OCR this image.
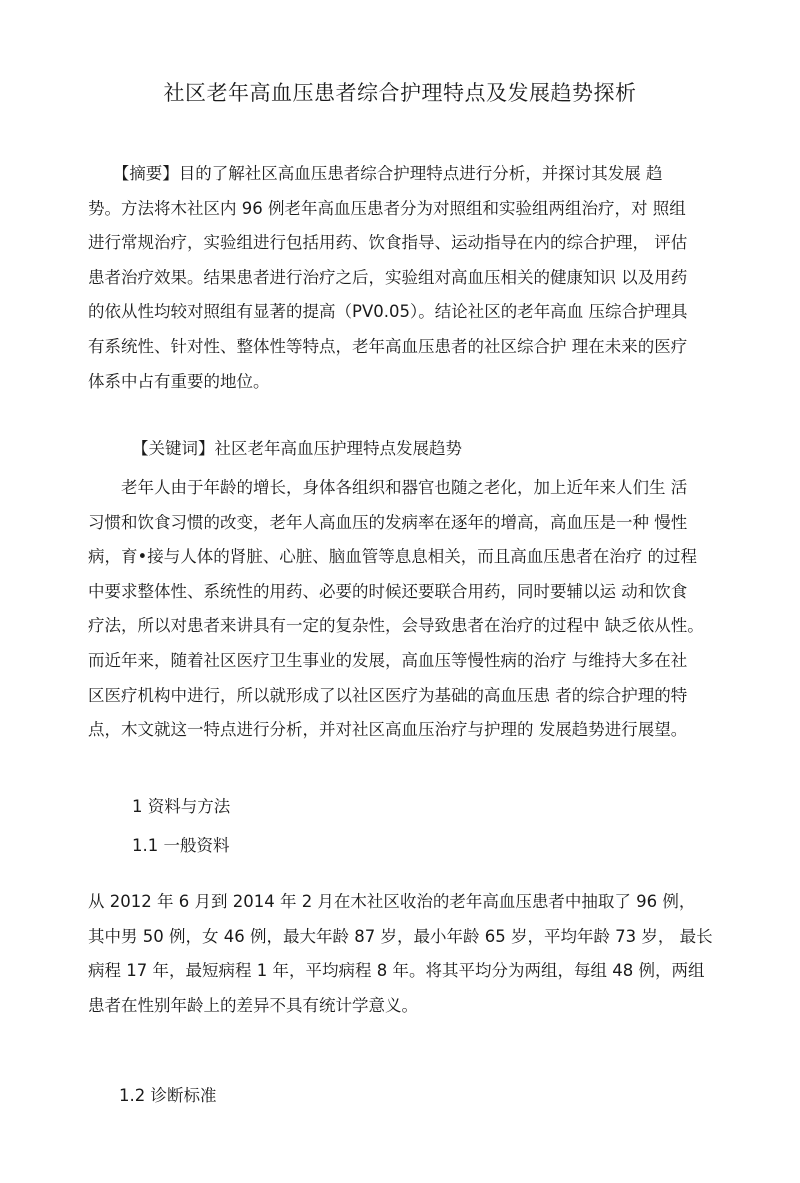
社区老年高血压患者综合护理特点及发展趋势探析
　　【摘要】目的了解社区高血压患者综合护理特点进行分析，并探讨其发展 趋
势。方法将木社区内 96 例老年高血压患者分为对照组和实验组两组治疗，对 照组
进行常规治疗，实验组进行包括用药、饮食指导、运动指导在内的综合护理， 评估
患者治疗效果。结果患者进行治疗之后，实验组对高血压相关的健康知识 以及用药
的依从性均较对照组有显著的提高（PV0.05）。结论社区的老年高血 压综合护理具
有系统性、针对性、整体性等特点，老年高血压患者的社区综合护 理在未来的医疗
体系中占有重要的地位。
【关键词】社区老年高血压护理特点发展趋势
　　老年人由于年龄的增长，身体各组织和器官也随之老化，加上近年来人们生 活
习惯和饮食习惯的改变，老年人高血压的发病率在逐年的增高，高血压是一种 慢性
病，育•接与人体的肾脏、心脏、脑血管等息息相关，而且高血压患者在治疗 的过程
中要求整体性、系统性的用药、必要的时候还要联合用药，同时要辅以运 动和饮食
疗法，所以对患者来讲具有一定的复杂性，会导致患者在治疗的过程中 缺乏依从性。
而近年来，随着社区医疗卫生事业的发展，高血压等慢性病的治疗 与维持大多在社
区医疗机构中进行，所以就形成了以社区医疗为基础的高血压患 者的综合护理的特
点，木文就这一特点进行分析，并对社区高血压治疗与护理的 发展趋势进行展望。
1 资料与方法
1.1 一般资料
从 2012 年 6 月到 2014 年 2 月在木社区收治的老年高血压患者中抽取了 96 例，
其中男 50 例，女 46 例，最大年龄 87 岁，最小年龄 65 岁，平均年龄 73 岁， 最长
病程 17 年，最短病程 1 年，平均病程 8 年。将其平均分为两组，每组 48 例，两组
患者在性别年龄上的差异不具有统计学意义。
1.2 诊断标准
